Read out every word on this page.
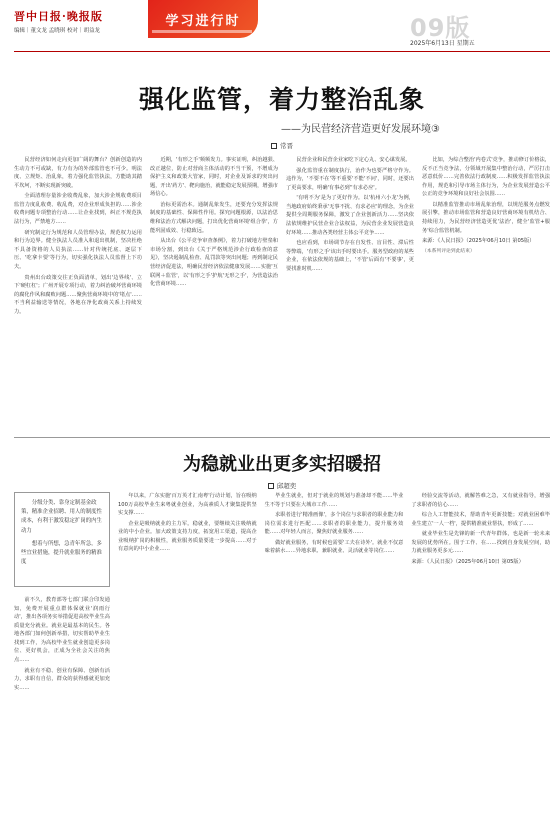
晋中日报·晚报版
编辑｜董文龙 孟晓琪 校对｜胡益龙
学习进行时	09版
2025年6月13日 星期五
强化监管，着力整治乱象
——为民营经济营造更好发展环境③
常晋

民营经济如何走向更加广阔的舞台？创新创造的内生动力不可或缺，有力有为的外部监管也不可少。明法度、立规矩、治乱象，着力强化监管执法，方能助其踏平坎坷，不断实现新突破。

全面清理存量涉企收费乱象，加大涉企规收费项目监管力度乱收费、收乱费，对企业形成负担的……涉企收费问题专项整治行动……让企业找到，纠正不规范执法行为，严禁地方……

研究制定行为规范和人员管理办法，规范权力运用和行为边界。健全执法人员准入和退出机制，坚决杜绝不具备资格的人员执法……针对传统托底、逐层下压、'吃拿卡要'等行为，切实强化执法人员监督上下功夫。

贵州出台政策交往正负面清单，划出'边界线'、立下'硬杠杠'；广州开展专项行动，着力纠治破坏营商环境的腐化作风和腐败问题……聚焦营商环境中的'堵点'……不当利益输送等情况，各地在净化政商关系上持续发力。

近期，'有形之手'频频发力。事实证明，纠治越狠、改正越位，防止对营商主体活动的不当干预，不增成为保护主义和政策大管家，同时，对企业及诉求的突出问题，开出'药方'、靶向施治，就能稳定发展预期，增强市场信心。

治标更需治本。通制乱象发生，还要充分发挥法规制度的基础性、保障性作用。探究问题根源，以法治思维和法治方式解决问题，打出优化营商环境'组合拳'，方能巩固成效、行稳致远。

从出台《公平竞争审查条例》，着力打破地方壁垒和市场分割，到出台《关于严格规范涉企行政检查的意见》，坚决遏制乱检查、乱罚款等突出问题；再到制定民营经济促进法，明确民营经济依法健康发展……实施'互联网＋监管'，以'有形之手'护航'无形之手'，为营造法治化营商环境……

民营企业和民营企业家吃下定心丸、安心谋发展。

强化监管重在制度执行，治作为也要严格守作为。违作为，'不要不在'等不重要'不能'不问'，同时，还要出了更高要求，明确'有事必到''有求必应'。

'有明不为'是为了更好作为。以'杭州六小龙'为例，当地政府始终秉承'无事不扰、有求必应'的理念，为企业提供全周期服务保障，激发了企业创新活力……坚决依法依规维护民营企业合法权益，为民营企业发展营造良好环境……推动各类经营主体公平竞争……

也应看到，市场调节存在自发性、盲目性、滞后性等弊端，'有形之手'该出手时要出手。服务型政府的某些企业，在依法依规的基础上，'不管'后面有'不要事'，更要找准时机……

比如，为综合整治'内卷式'竞争，推动修订价格法，反不正当竞争法，分领域开展集中整治行动，严厉打击恶意低价……完善依法行政制度……积极发挥监管执法作用，规范和引导市场主体行为，为企业发展营造公平公正的竞争环境和良好社会氛围……

以精准监管推动市场乱象治理，以规范服务点燃发展引擎，推动市场监管和营造良好营商环境有机结合、持续用力，为民营经济营造更优'法治'，健全'监管+服务'综合监管机制。

来源：《人民日报》（2025年06月10日 第05版）
（本系列评论到此结束）
为稳就业出更多实招暖招
邱超奕

分级分类、靠身定制基金政策，精准企业招聘、用人的制度性成本，有利于激发稳定扩岗的内生动力

想着与所想，急青年所急，多些宜业措施，提升就业服务的精准度

前不久，教育部等七部门联合印发通知，免费开展重点群体保就业'润雨行动'，推出各项务实举措促进高校毕业生高质量充分就业。就业是最基本的民生。各地各部门如何创新举措，切实帮助毕业生找到工作，为高校毕业生就业创造更多岗位、更好机会，正成为全社会关注的焦点……

就业有不稳、创业有保障、创新有活力，求职有自信，群众的获得感就更加充实……

年以来，广东实施'百万英才汇南粤'行动计划，旨在吸纳100万高校毕业生来粤就业创业，为高素质人才聚集提供坚实支撑……

企业是吸纳就业的主力军。稳就业，要继续关注吸纳就业的中小企业。加大政策支持力度，拓宽用工渠道，提高企业吸纳扩岗的积极性，就业服务质量要进一步提高……对于有意向的中小企业……

毕业生就业，但对于就业的规划与准备却不能……毕业生不等于只要在大城市工作……

求职者进行'精准画像'，多个岗位与求职者的职业能力和岗位需求进行匹配……求职者的职业能力，提升服务效能……对年轻人而言，聚焦好就业服务……

做好就业服务，有时候也需要'工夫在诗外'。就业不仅意味着薪水……异地求职、兼职就业、灵活就业等岗位……

经验交流等活动，就解答难之急，又有就业指导，增强了求职者的信心……

综合人工智能技术，帮助青年更新技能；对就业困难毕业生建立'一人一档'，提供精准就业帮扶，形成了……

就业毕业生是先锋的新一代青年群体，也是新一轮未来发展的优势所在。围于工作、在……找到自身发展空间，助力就业服务更多元……

来源：《人民日报》（2025年06月10日 第05版）
